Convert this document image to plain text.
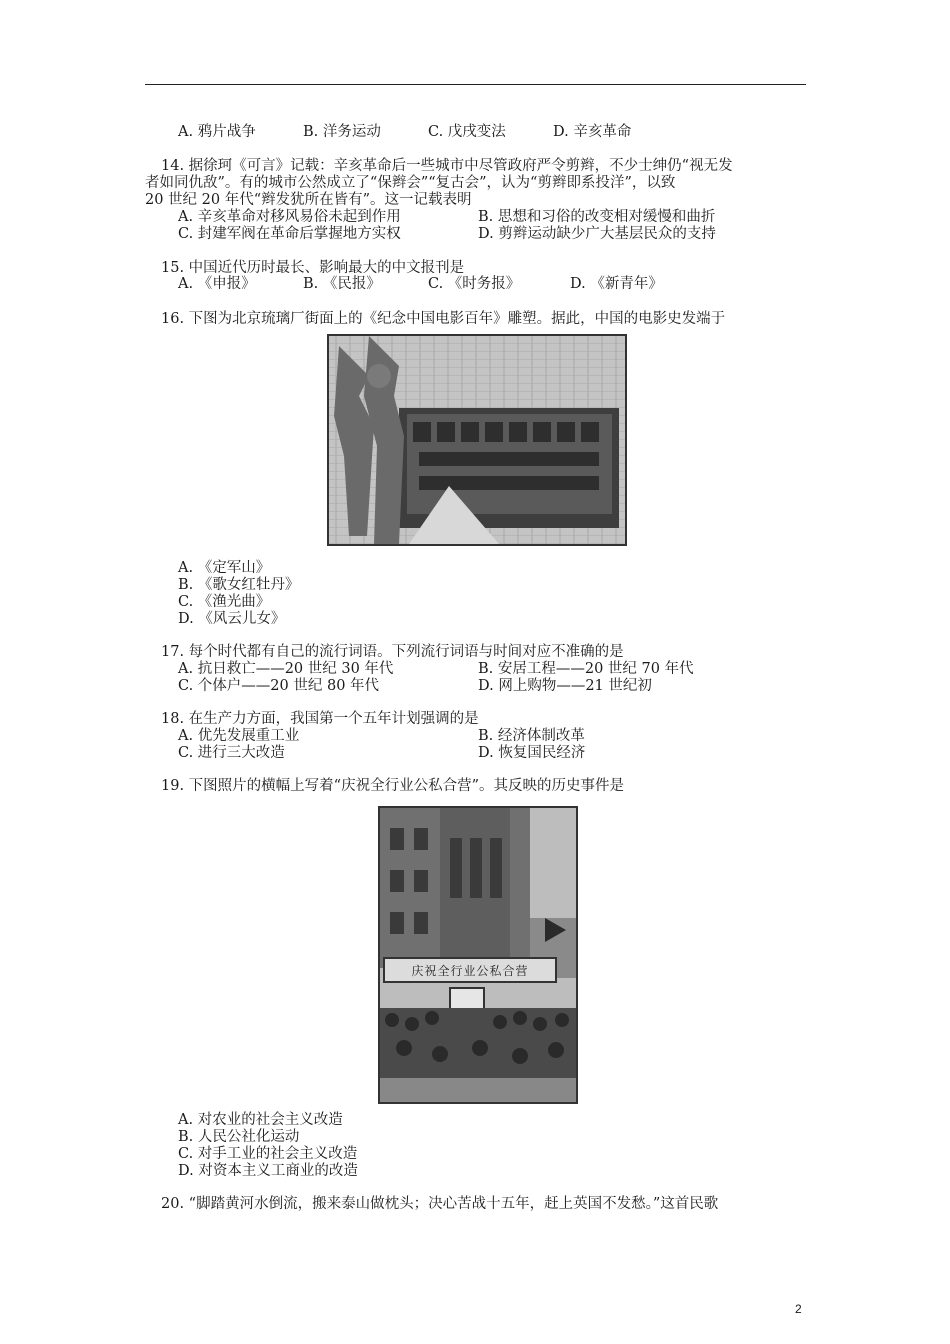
A. 鸦片战争	B. 洋务运动	C. 戊戌变法	D. 辛亥革命
14. 据徐珂《可言》记载：辛亥革命后一些城市中尽管政府严令剪辫，不少士绅仍“视无发
者如同仇敌”。有的城市公然成立了“保辫会”“复古会”，认为“剪辫即系投洋”，以致
20 世纪 20 年代“辫发犹所在皆有”。这一记载表明
A. 辛亥革命对移风易俗未起到作用	B. 思想和习俗的改变相对缓慢和曲折
C. 封建军阀在革命后掌握地方实权	D. 剪辫运动缺少广大基层民众的支持
15. 中国近代历时最长、影响最大的中文报刊是
A. 《申报》	B. 《民报》	C. 《时务报》	D. 《新青年》
16. 下图为北京琉璃厂街面上的《纪念中国电影百年》雕塑。据此，中国的电影史发端于
A. 《定军山》
B. 《歌女红牡丹》
C. 《渔光曲》
D. 《风云儿女》
17. 每个时代都有自己的流行词语。下列流行词语与时间对应不准确的是
A. 抗日救亡——20 世纪 30 年代	B. 安居工程——20 世纪 70 年代
C. 个体户——20 世纪 80 年代	D. 网上购物——21 世纪初
18. 在生产力方面，我国第一个五年计划强调的是
A. 优先发展重工业	B. 经济体制改革
C. 进行三大改造	D. 恢复国民经济
19. 下图照片的横幅上写着“庆祝全行业公私合营”。其反映的历史事件是
庆祝全行业公私合营
A. 对农业的社会主义改造
B. 人民公社化运动
C. 对手工业的社会主义改造
D. 对资本主义工商业的改造
20. “脚踏黄河水倒流，搬来泰山做枕头；决心苦战十五年，赶上英国不发愁。”这首民歌
2
